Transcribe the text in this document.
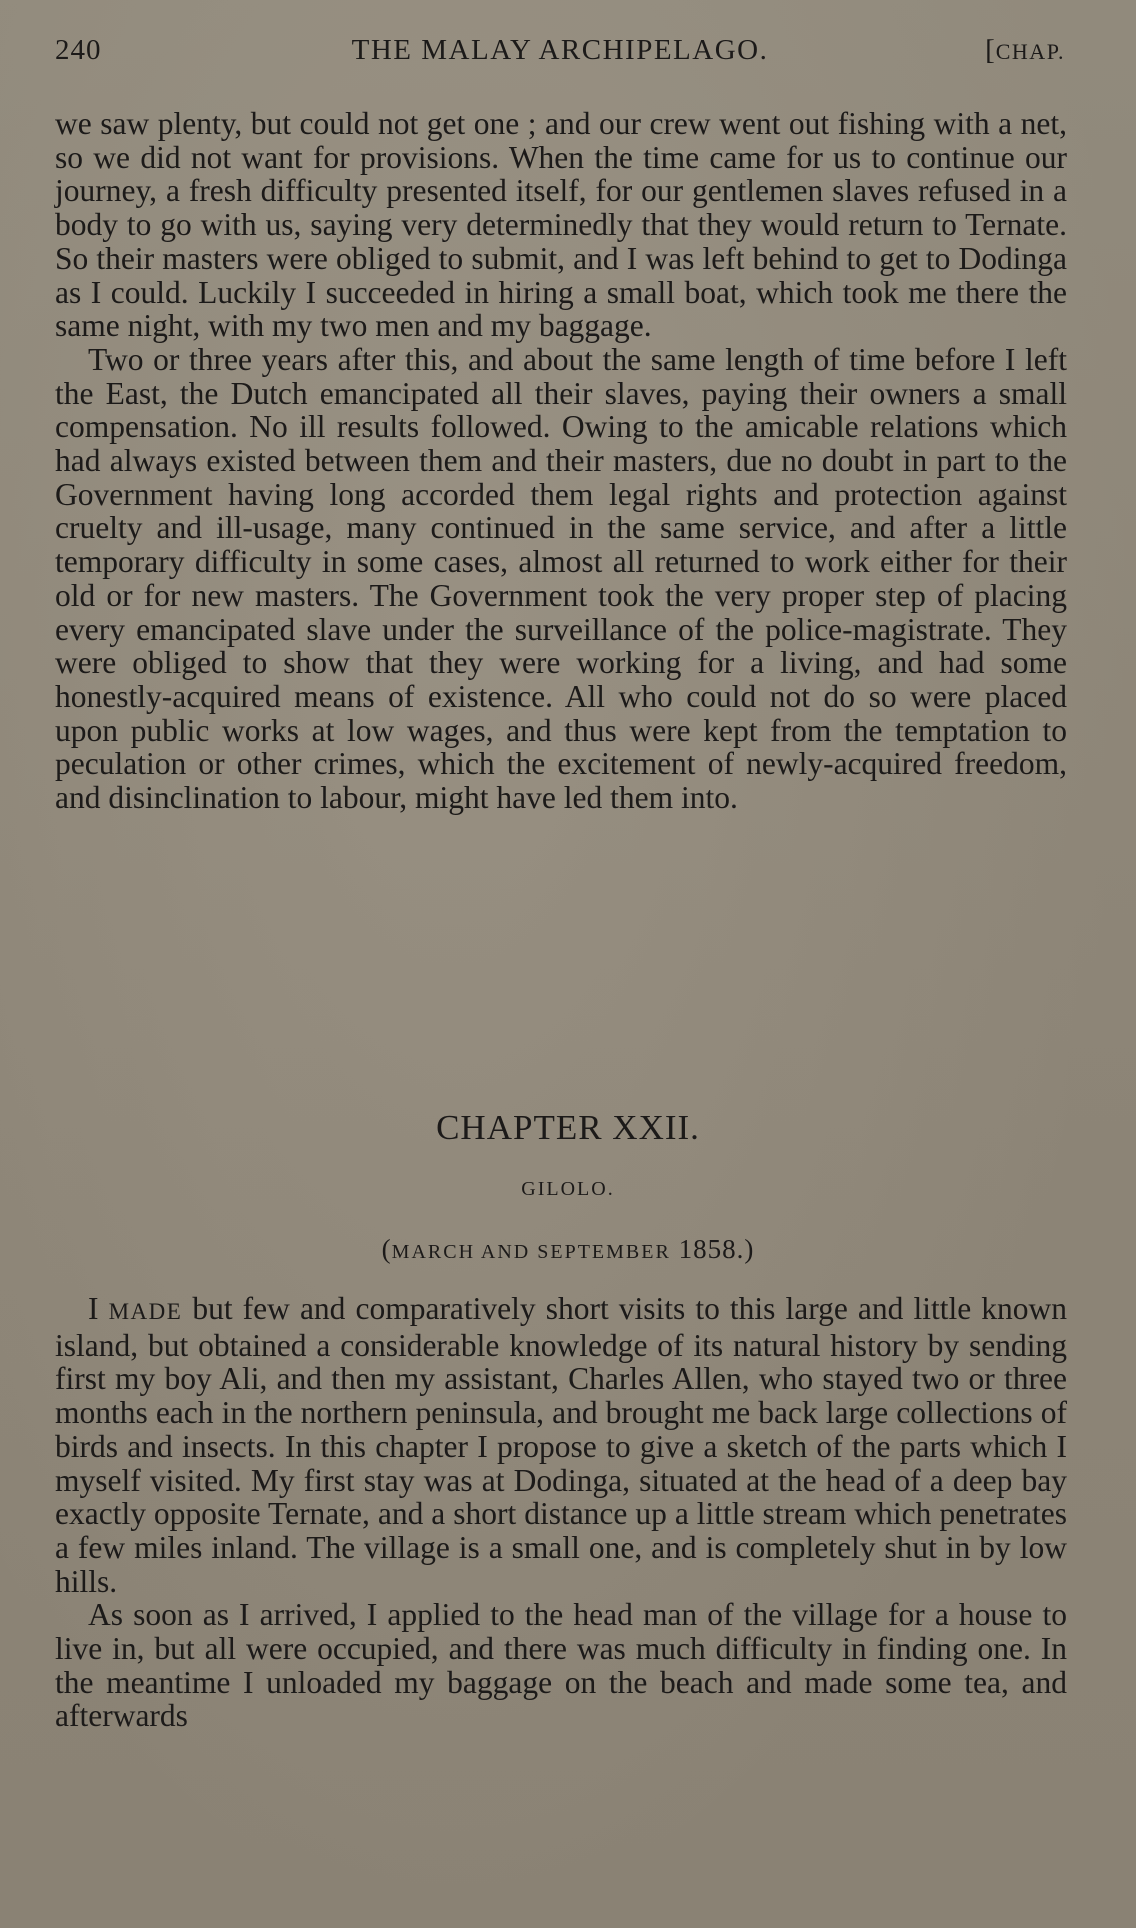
240	THE MALAY ARCHIPELAGO.	[CHAP.

we saw plenty, but could not get one ; and our crew went out fishing with a net, so we did not want for provisions. When the time came for us to continue our journey, a fresh difficulty presented itself, for our gentlemen slaves refused in a body to go with us, saying very determinedly that they would return to Ternate. So their masters were obliged to submit, and I was left behind to get to Dodinga as I could. Luckily I succeeded in hiring a small boat, which took me there the same night, with my two men and my baggage.

Two or three years after this, and about the same length of time before I left the East, the Dutch emancipated all their slaves, paying their owners a small compensation. No ill results followed. Owing to the amicable relations which had always existed between them and their masters, due no doubt in part to the Government having long accorded them legal rights and protection against cruelty and ill-usage, many continued in the same service, and after a little temporary difficulty in some cases, almost all returned to work either for their old or for new masters. The Government took the very proper step of placing every emancipated slave under the surveillance of the police-magistrate. They were obliged to show that they were working for a living, and had some honestly-acquired means of existence. All who could not do so were placed upon public works at low wages, and thus were kept from the temptation to peculation or other crimes, which the excitement of newly-acquired freedom, and disinclination to labour, might have led them into.

CHAPTER XXII.
GILOLO.
(MARCH AND SEPTEMBER 1858.)

I MADE but few and comparatively short visits to this large and little known island, but obtained a considerable knowledge of its natural history by sending first my boy Ali, and then my assistant, Charles Allen, who stayed two or three months each in the northern peninsula, and brought me back large collections of birds and insects. In this chapter I propose to give a sketch of the parts which I myself visited. My first stay was at Dodinga, situated at the head of a deep bay exactly opposite Ternate, and a short distance up a little stream which penetrates a few miles inland. The village is a small one, and is completely shut in by low hills.

As soon as I arrived, I applied to the head man of the village for a house to live in, but all were occupied, and there was much difficulty in finding one. In the meantime I unloaded my baggage on the beach and made some tea, and afterwards
